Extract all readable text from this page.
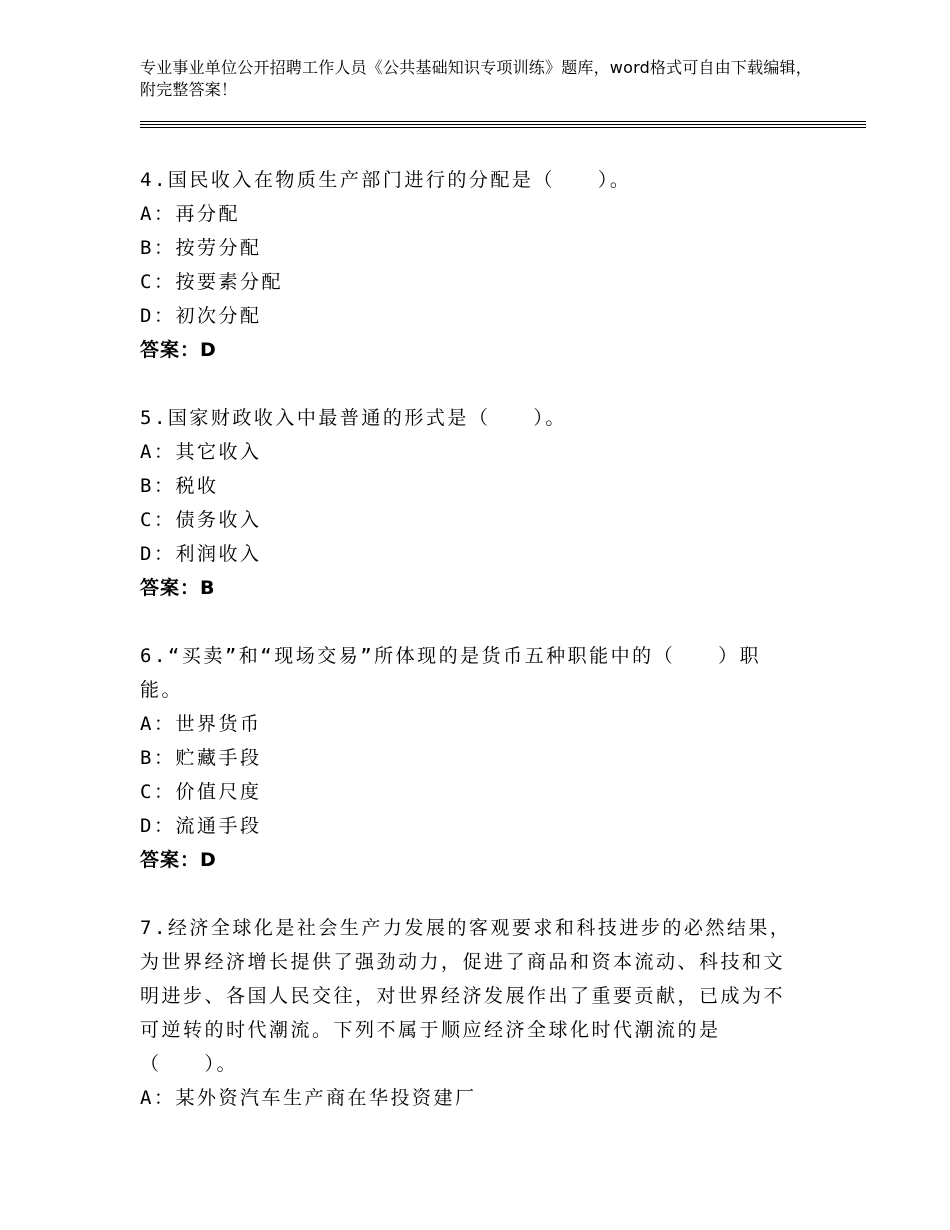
专业事业单位公开招聘工作人员《公共基础知识专项训练》题库，word格式可自由下载编辑，附完整答案！

4.国民收入在物质生产部门进行的分配是（　　）。

A：再分配

B：按劳分配

C：按要素分配

D：初次分配

答案：D

5.国家财政收入中最普通的形式是（　　）。

A：其它收入

B：税收

C：债务收入

D：利润收入

答案：B

6.“买卖”和“现场交易”所体现的是货币五种职能中的（　　）职能。

A：世界货币

B：贮藏手段

C：价值尺度

D：流通手段

答案：D

7.经济全球化是社会生产力发展的客观要求和科技进步的必然结果，为世界经济增长提供了强劲动力，促进了商品和资本流动、科技和文明进步、各国人民交往，对世界经济发展作出了重要贡献，已成为不可逆转的时代潮流。下列不属于顺应经济全球化时代潮流的是（　　）。

A：某外资汽车生产商在华投资建厂
